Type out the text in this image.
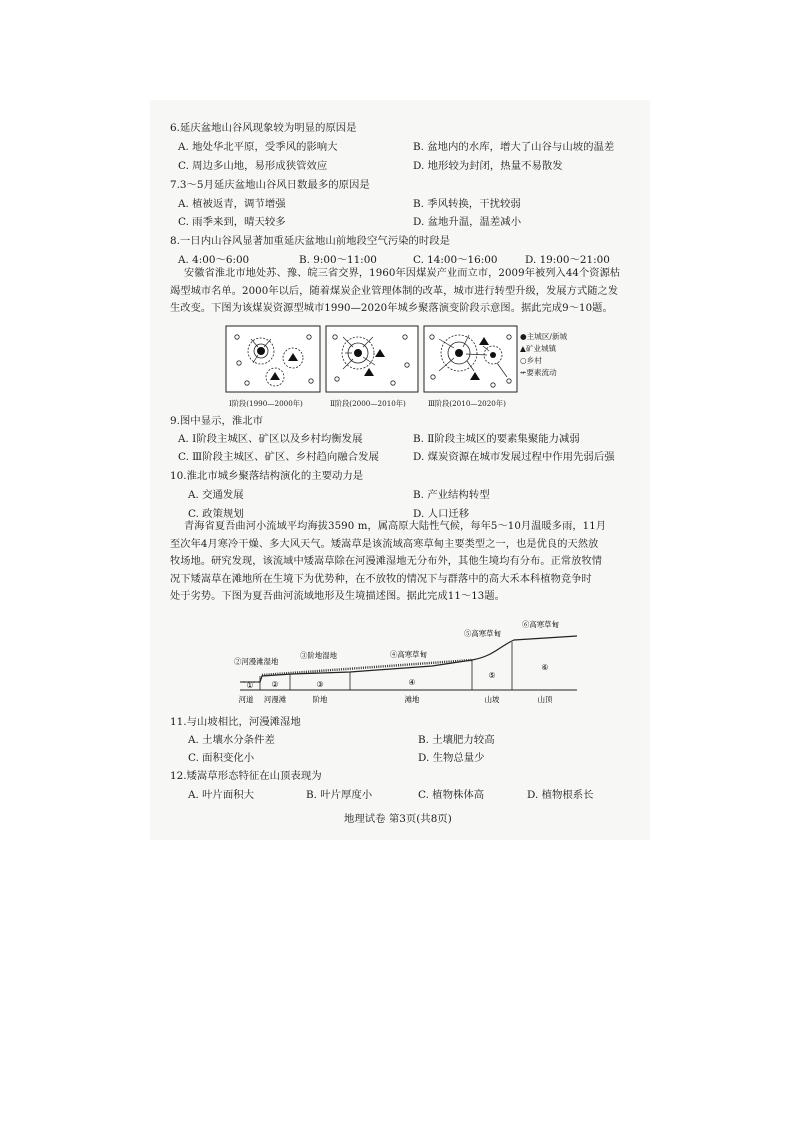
6.延庆盆地山谷风现象较为明显的原因是
A. 地处华北平原，受季风的影响大	B. 盆地内的水库，增大了山谷与山坡的温差
C. 周边多山地，易形成狭管效应	D. 地形较为封闭，热量不易散发
7.3～5月延庆盆地山谷风日数最多的原因是
A. 植被返青，调节增强	B. 季风转换，干扰较弱
C. 雨季来到，晴天较多	D. 盆地升温，温差减小
8.一日内山谷风显著加重延庆盆地山前地段空气污染的时段是
A. 4:00～6:00	B. 9:00～11:00	C. 14:00～16:00	D. 19:00～21:00

安徽省淮北市地处苏、豫、皖三省交界，1960年因煤炭产业而立市，2009年被列入44个资源枯

竭型城市名单。2000年以后，随着煤炭企业管理体制的改革，城市进行转型升级，发展方式随之发

生改变。下图为该煤炭资源型城市1990—2020年城乡聚落演变阶段示意图。据此完成9～10题。

Ⅰ阶段(1990—2000年)	Ⅱ阶段(2000—2010年)	Ⅲ阶段(2010—2020年)
●主城区/新城
▲矿业城镇
○乡村
↚要素流动
9.图中显示，淮北市
A. Ⅰ阶段主城区、矿区以及乡村均衡发展	B. Ⅱ阶段主城区的要素集聚能力减弱
C. Ⅲ阶段主城区、矿区、乡村趋向融合发展	D. 煤炭资源在城市发展过程中作用先弱后强
10.淮北市城乡聚落结构演化的主要动力是
A. 交通发展	B. 产业结构转型
C. 政策规划	D. 人口迁移

青海省夏吾曲河小流域平均海拔3590 m，属高原大陆性气候，每年5～10月温暖多雨，11月

至次年4月寒冷干燥、多大风天气。矮嵩草是该流域高寒草甸主要类型之一，也是优良的天然放

牧场地。研究发现，该流域中矮嵩草除在河漫滩湿地无分布外，其他生境均有分布。正常放牧情

况下矮嵩草在滩地所在生境下为优势种，在不放牧的情况下与群落中的高大禾本科植物竞争时

处于劣势。下图为夏吾曲河流域地形及生境描述图。据此完成11～13题。

① ②	③	④
⑤
⑥
②河漫滩湿地
③阶地湿地	④高寒草甸
⑤高寒草甸
⑥高寒草甸
河道 河漫滩	阶地	滩地	山坡	山顶
11.与山坡相比，河漫滩湿地
A. 土壤水分条件差	B. 土壤肥力较高
C. 面积变化小	D. 生物总量少
12.矮嵩草形态特征在山顶表现为
A. 叶片面积大	B. 叶片厚度小	C. 植物株体高	D. 植物根系长
地理试卷 第3页(共8页)
